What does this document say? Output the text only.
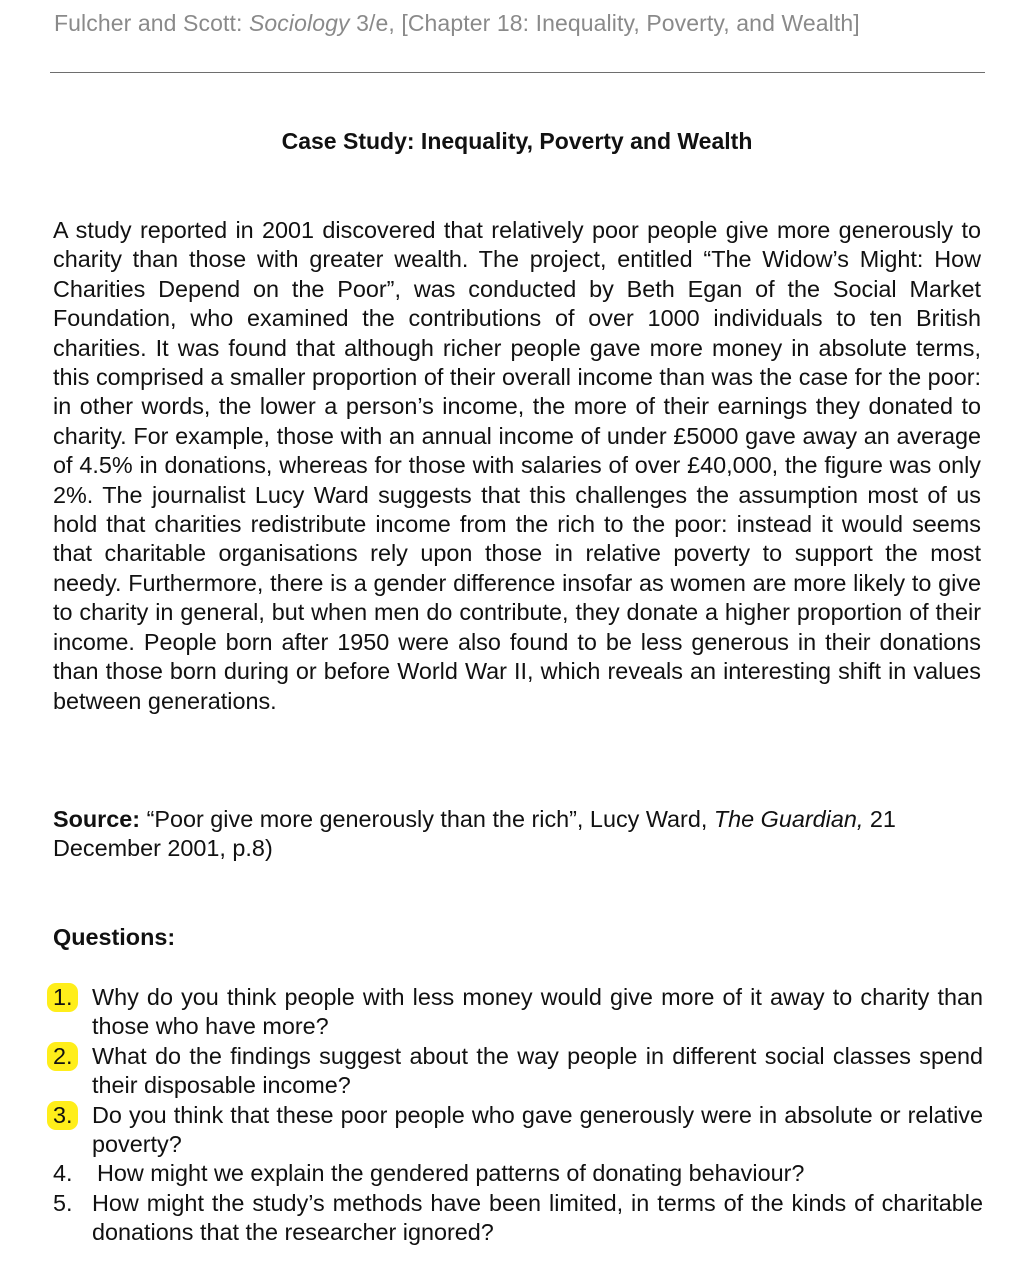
Fulcher and Scott: Sociology 3/e, [Chapter 18: Inequality, Poverty, and Wealth]
Case Study: Inequality, Poverty and Wealth
A study reported in 2001 discovered that relatively poor people give more generously to charity than those with greater wealth. The project, entitled “The Widow’s Might: How Charities Depend on the Poor”, was conducted by Beth Egan of the Social Market Foundation, who examined the contributions of over 1000 individuals to ten British charities. It was found that although richer people gave more money in absolute terms, this comprised a smaller proportion of their overall income than was the case for the poor: in other words, the lower a person’s income, the more of their earnings they donated to charity. For example, those with an annual income of under £5000 gave away an average of 4.5% in donations, whereas for those with salaries of over £40,000, the figure was only 2%. The journalist Lucy Ward suggests that this challenges the assumption most of us hold that charities redistribute income from the rich to the poor: instead it would seems that charitable organisations rely upon those in relative poverty to support the most needy. Furthermore, there is a gender difference insofar as women are more likely to give to charity in general, but when men do contribute, they donate a higher proportion of their income. People born after 1950 were also found to be less generous in their donations than those born during or before World War II, which reveals an interesting shift in values between generations.
Source: “Poor give more generously than the rich”, Lucy Ward, The Guardian, 21 December 2001, p.8)
Questions:
1. Why do you think people with less money would give more of it away to charity than those who have more?
2. What do the findings suggest about the way people in different social classes spend their disposable income?
3. Do you think that these poor people who gave generously were in absolute or relative poverty?
4. How might we explain the gendered patterns of donating behaviour?
5. How might the study’s methods have been limited, in terms of the kinds of charitable donations that the researcher ignored?
